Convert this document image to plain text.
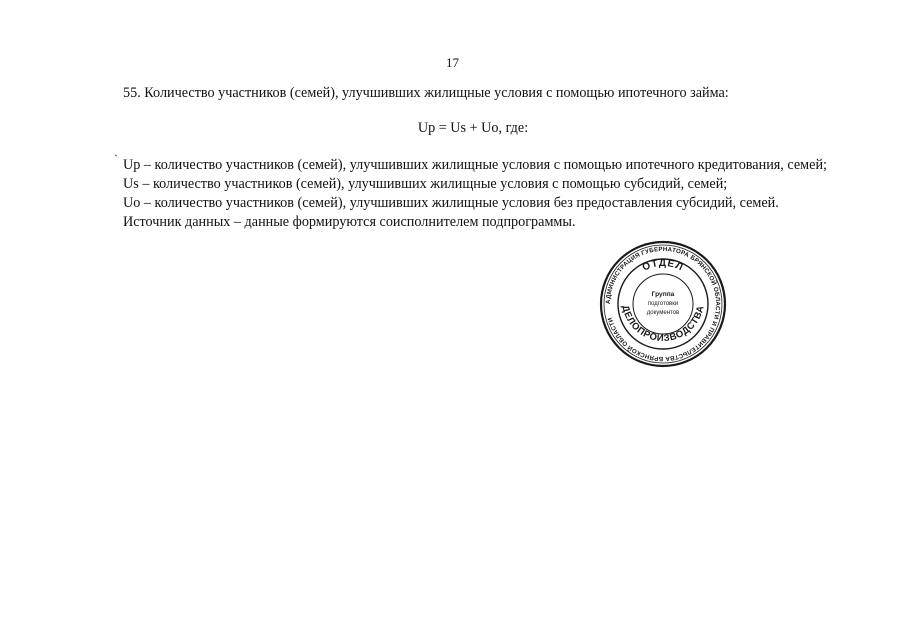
17
`

55. Количество участников (семей), улучшивших жилищные условия с помощью ипотечного займа:

Up = Us + Uo, где:

Up – количество участников (семей), улучшивших жилищные условия с помощью ипотечного кредитования, семей;

Us – количество участников (семей), улучшивших жилищные условия с помощью субсидий, семей;

Uo – количество участников (семей), улучшивших жилищные условия без предоставления субсидий, семей.

Источник данных – данные формируются соисполнителем подпрограммы.

АДМИНИСТРАЦИЯ ГУБЕРНАТОРА БРЯНСКОЙ ОБЛАСТИ И ПРАВИТЕЛЬСТВА БРЯНСКОЙ ОБЛАСТИ
ОТДЕЛ
ДЕЛОПРОИЗВОДСТВА
Группа
подготовки
документов
